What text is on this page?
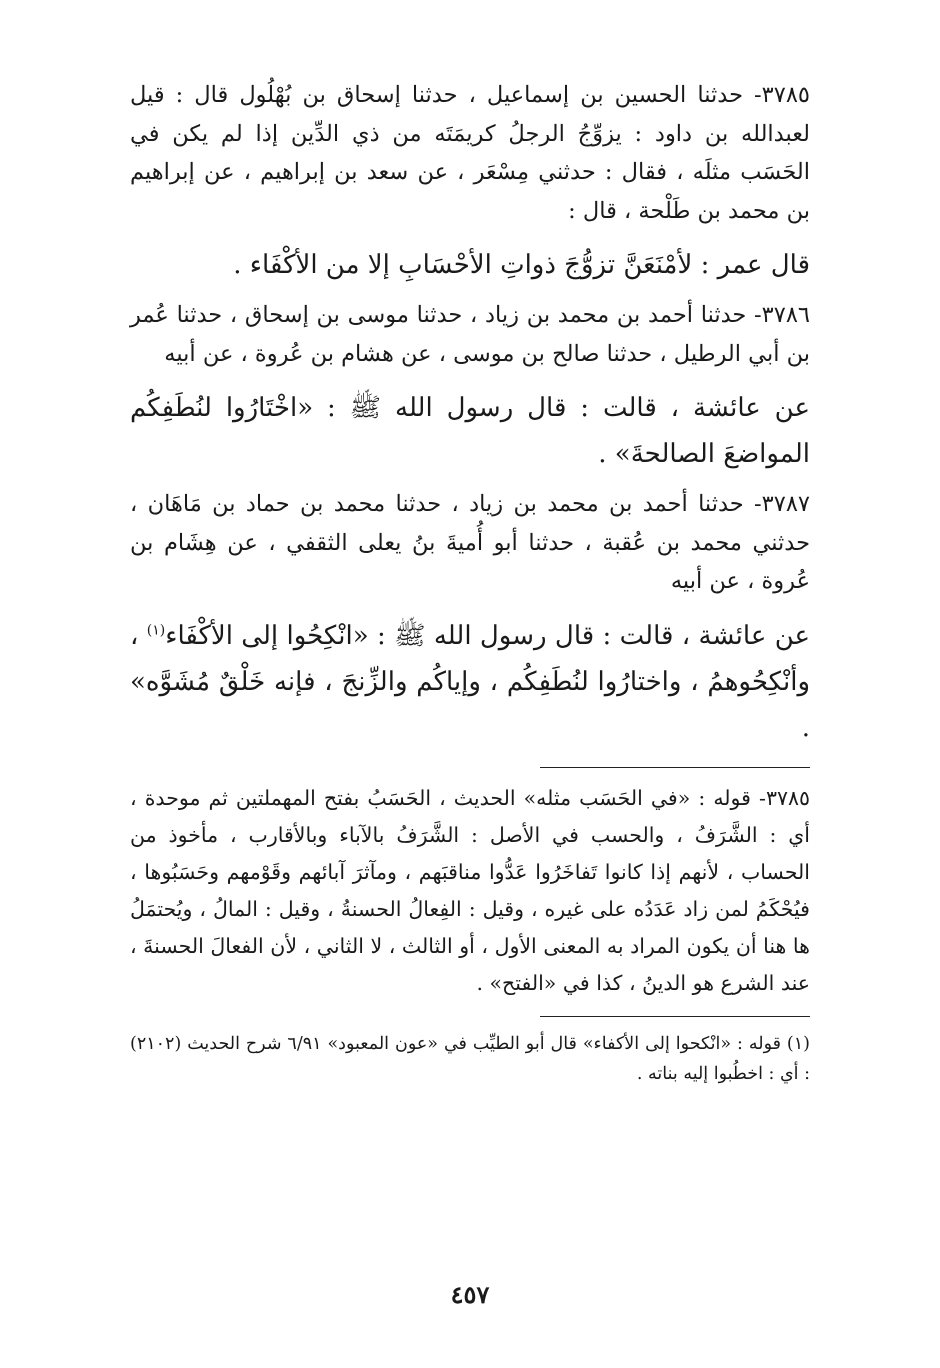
٣٧٨٥- حدثنا الحسين بن إسماعيل ، حدثنا إسحاق بن بُهْلُول قال : قيل لعبدالله بن داود : يزوِّجُ الرجلُ كريمَتَه من ذي الدِّين إذا لم يكن في الحَسَب مثلَه ، فقال : حدثني مِسْعَر ، عن سعد بن إبراهيم ، عن إبراهيم بن محمد بن طَلْحة ، قال :

قال عمر : لأمْنَعَنَّ تزوُّجَ ذواتِ الأحْسَابِ إلا من الأكْفَاء .

٣٧٨٦- حدثنا أحمد بن محمد بن زياد ، حدثنا موسى بن إسحاق ، حدثنا عُمر بن أبي الرطيل ، حدثنا صالح بن موسى ، عن هشام بن عُروة ، عن أبيه

عن عائشة ، قالت : قال رسول الله ﷺ : «اخْتَارُوا لنُطَفِكُم المواضعَ الصالحةَ» .

٣٧٨٧- حدثنا أحمد بن محمد بن زياد ، حدثنا محمد بن حماد بن مَاهَان ، حدثني محمد بن عُقبة ، حدثنا أبو أُميةَ بنُ يعلى الثقفي ، عن هِشَام بن عُروة ، عن أبيه

عن عائشة ، قالت : قال رسول الله ﷺ : «انْكِحُوا إلى الأكْفَاء$^{(١)}$ ، وأنْكِحُوهمُ ، واختارُوا لنُطَفِكُم ، وإياكُم والزِّنجَ ، فإنه خَلْقٌ مُشَوَّه» .

٣٧٨٥- قوله : «في الحَسَب مثله» الحديث ، الحَسَبُ بفتح المهملتين ثم موحدة ، أي : الشَّرَفُ ، والحسب في الأصل : الشَّرَفُ بالآباء وبالأقارب ، مأخوذ من الحساب ، لأنهم إذا كانوا تَفاخَرُوا عَدُّوا مناقبَهم ، ومآثرَ آبائهم وقَوْمهم وحَسَبُوها ، فيُحْكَمُ لمن زاد عَدَدُه على غيره ، وقيل : الفِعالُ الحسنةُ ، وقيل : المالُ ، ويُحتمَلُ ها هنا أن يكون المراد به المعنى الأول ، أو الثالث ، لا الثاني ، لأن الفعالَ الحسنةَ ، عند الشرع هو الدينُ ، كذا في «الفتح» .

(١) قوله : «انْكحوا إلى الأكفاء» قال أبو الطيِّب في «عون المعبود» ٦/٩١ شرح الحديث (٢١٠٢) : أي : اخطُبوا إليه بناته .

٤٥٧
